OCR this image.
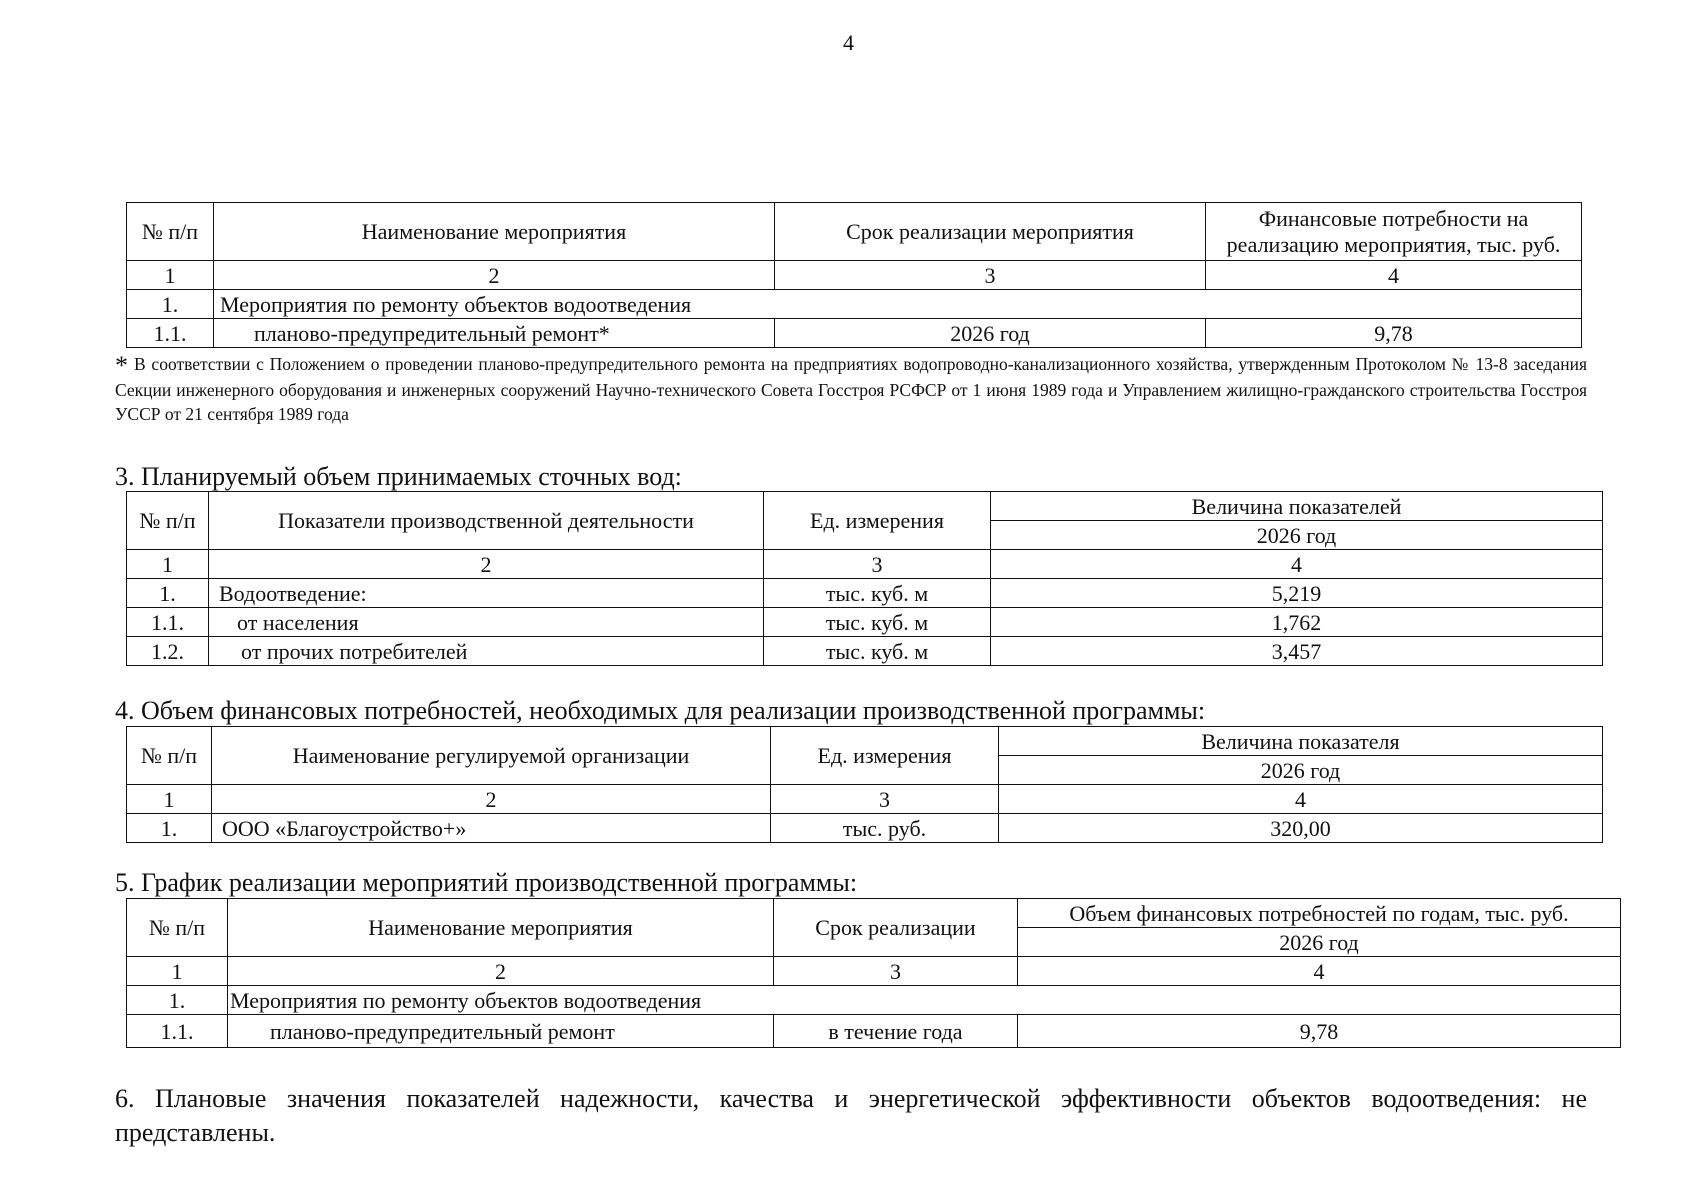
4
№ п/п	Наименование мероприятия	Срок реализации мероприятия	Финансовые потребности на реализацию мероприятия, тыс. руб.
1	2	3	4
1.	Мероприятия по ремонту объектов водоотведения		
1.1.	планово-предупредительный ремонт*	2026 год	9,78
* В соответствии с Положением о проведении планово-предупредительного ремонта на предприятиях водопроводно-канализационного хозяйства, утвержденным Протоколом № 13-8 заседания Секции инженерного оборудования и инженерных сооружений Научно-технического Совета Госстроя РСФСР от 1 июня 1989 года и Управлением жилищно-гражданского строительства Госстроя УССР от 21 сентября 1989 года
3. Планируемый объем принимаемых сточных вод:
№ п/п	Показатели производственной деятельности	Ед. измерения	Величина показателей
			2026 год
1	2	3	4
1.	Водоотведение:	тыс. куб. м	5,219
1.1.	от населения	тыс. куб. м	1,762
1.2.	от прочих потребителей	тыс. куб. м	3,457
4. Объем финансовых потребностей, необходимых для реализации производственной программы:
№ п/п	Наименование регулируемой организации	Ед. измерения	Величина показателя
			2026 год
1	2	3	4
1.	ООО «Благоустройство+»	тыс. руб.	320,00
5. График реализации мероприятий производственной программы:
№ п/п	Наименование мероприятия	Срок реализации	Объем финансовых потребностей по годам, тыс. руб.
			2026 год
1	2	3	4
1.	Мероприятия по ремонту объектов водоотведения		
1.1.	планово-предупредительный ремонт	в течение года	9,78
6. Плановые значения показателей надежности, качества и энергетической эффективности объектов водоотведения: не представлены.
